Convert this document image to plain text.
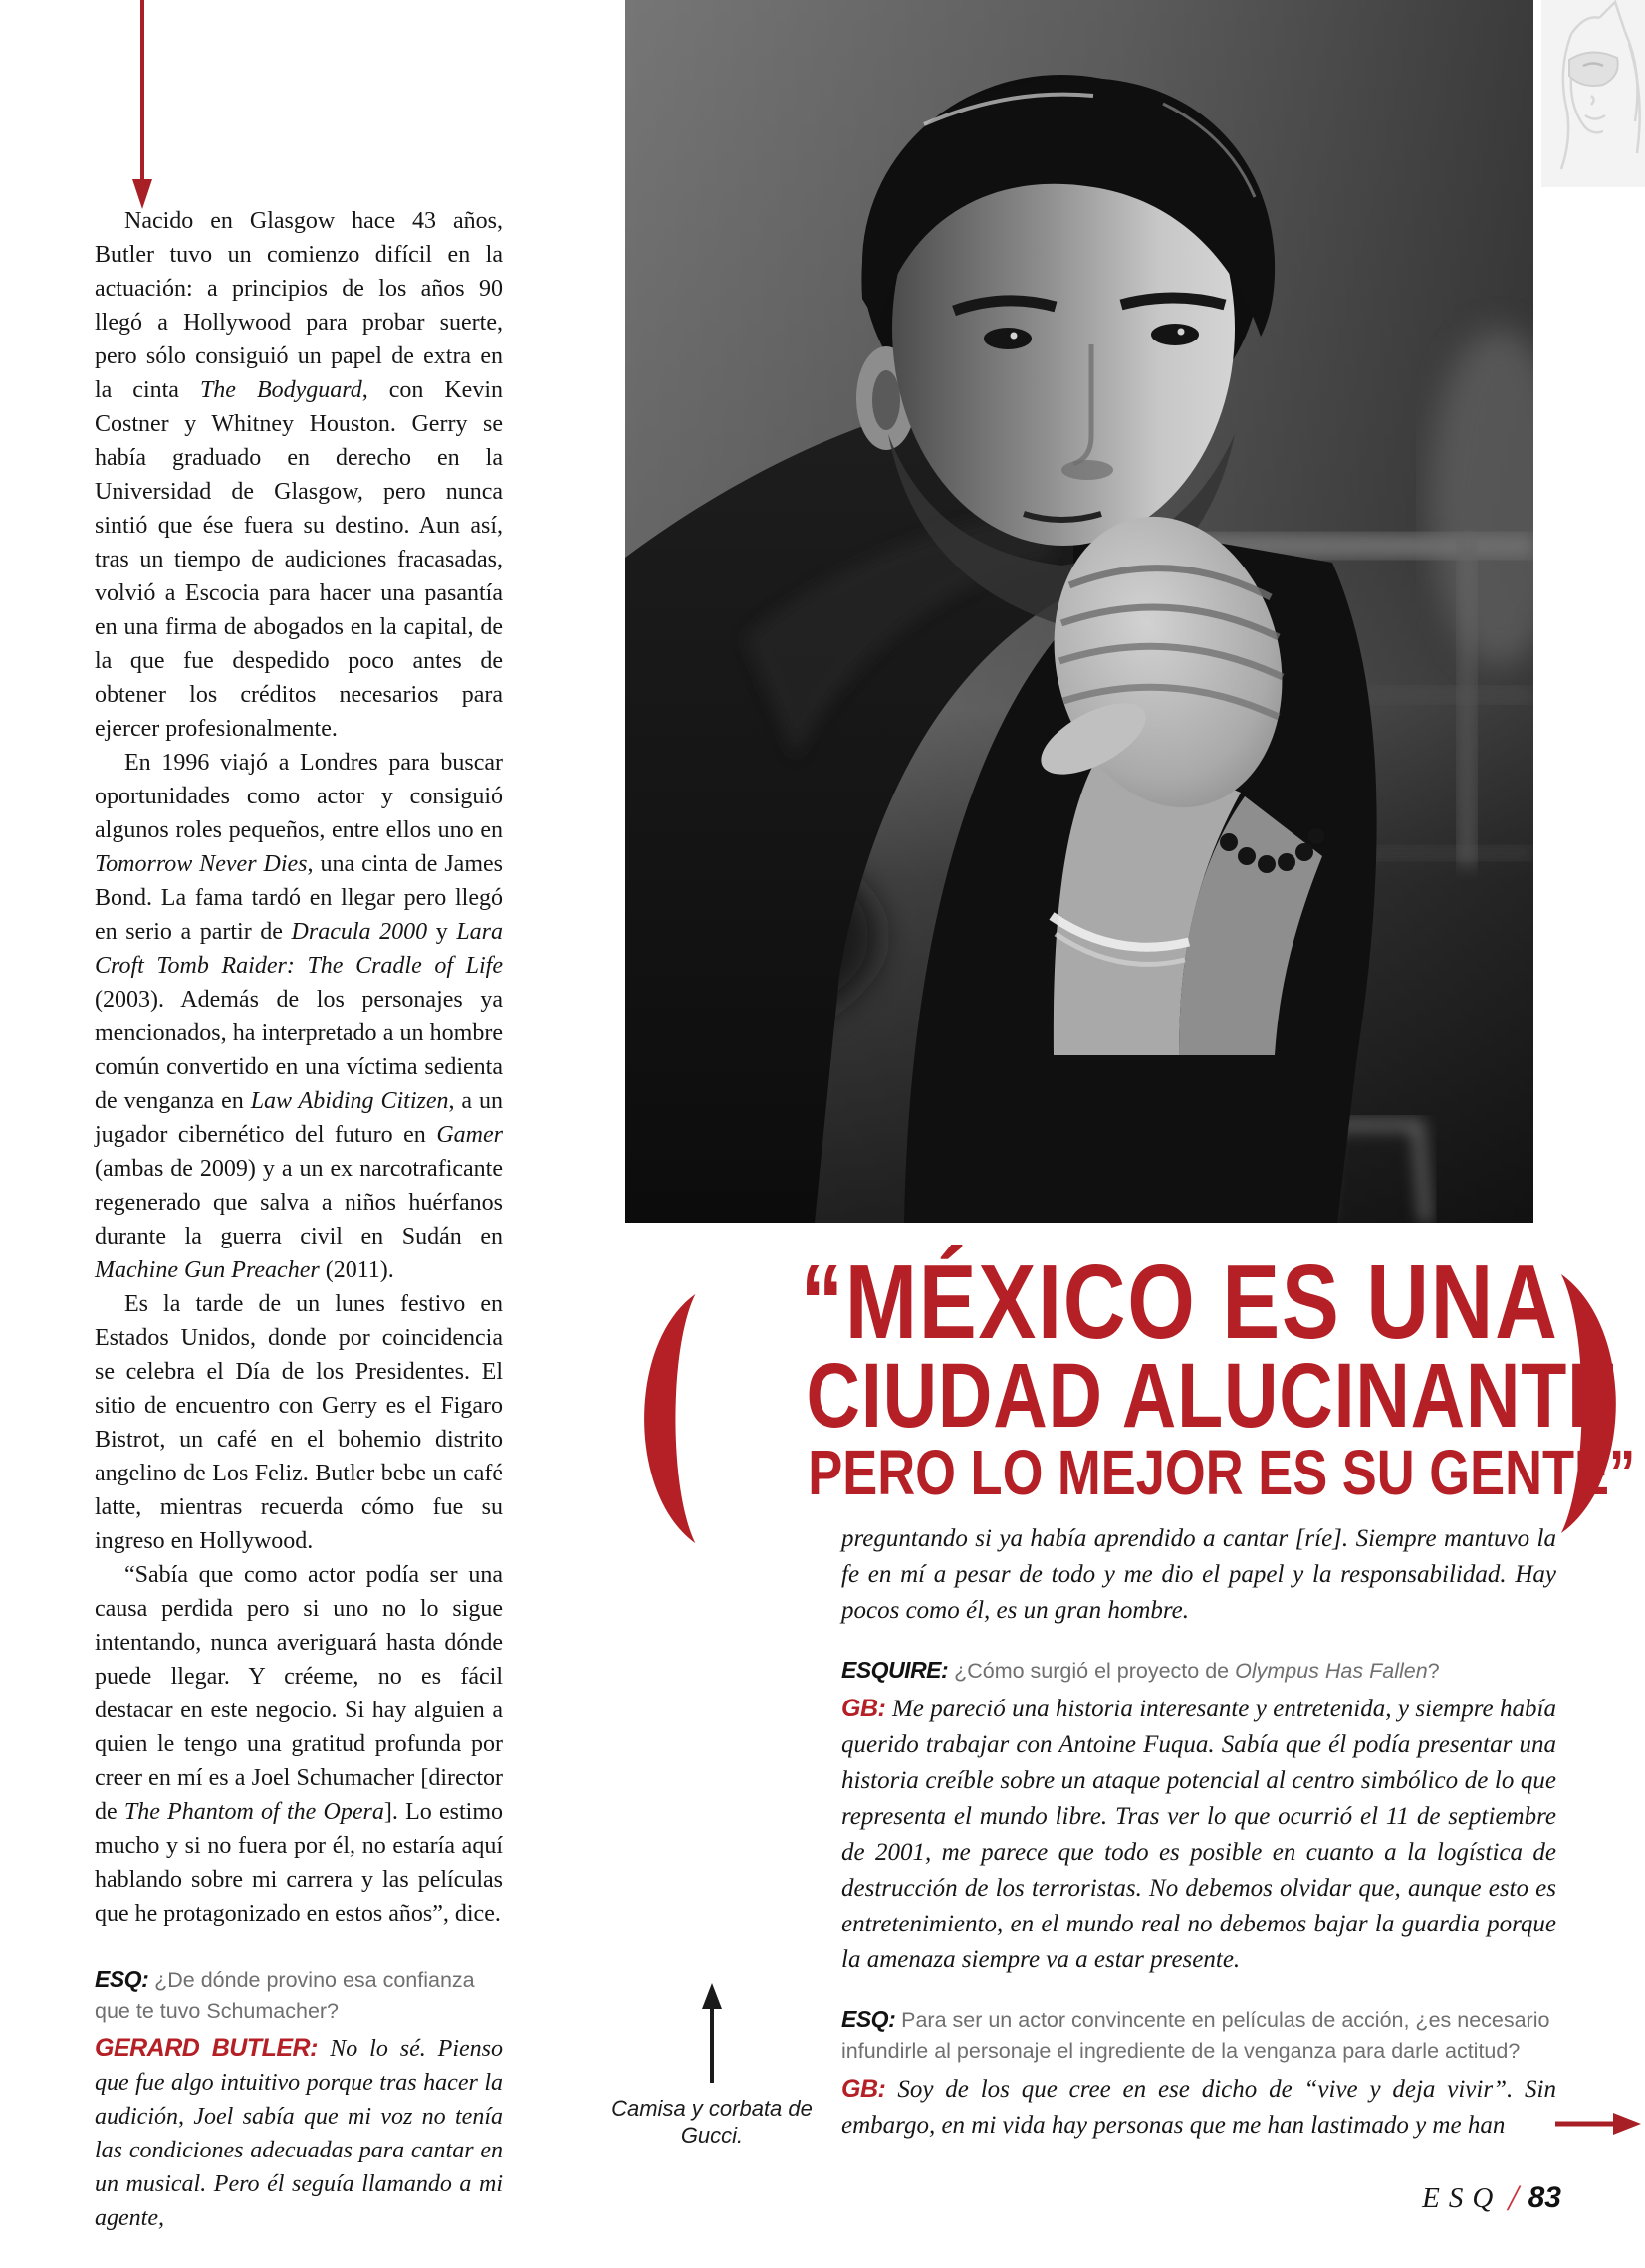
Nacido en Glasgow hace 43 años, Butler tuvo un comienzo difícil en la actuación: a principios de los años 90 llegó a Hollywood para probar suerte, pero sólo consiguió un papel de extra en la cinta The Bodyguard, con Kevin Costner y Whitney Houston. Gerry se había graduado en derecho en la Universidad de Glasgow, pero nunca sintió que ése fuera su destino. Aun así, tras un tiempo de audiciones fracasadas, volvió a Escocia para hacer una pasantía en una firma de abogados en la capital, de la que fue despedido poco antes de obtener los créditos necesarios para ejercer profesionalmente.

En 1996 viajó a Londres para buscar oportunidades como actor y consiguió algunos roles pequeños, entre ellos uno en Tomorrow Never Dies, una cinta de James Bond. La fama tardó en llegar pero llegó en serio a partir de Dracula 2000 y Lara Croft Tomb Raider: The Cradle of Life (2003). Además de los personajes ya mencionados, ha interpretado a un hombre común convertido en una víctima sedienta de venganza en Law Abiding Citizen, a un jugador cibernético del futuro en Gamer (ambas de 2009) y a un ex narcotraficante regenerado que salva a niños huérfanos durante la guerra civil en Sudán en Machine Gun Preacher (2011).

Es la tarde de un lunes festivo en Estados Unidos, donde por coincidencia se celebra el Día de los Presidentes. El sitio de encuentro con Gerry es el Figaro Bistrot, un café en el bohemio distrito angelino de Los Feliz. Butler bebe un café latte, mientras recuerda cómo fue su ingreso en Hollywood.

“Sabía que como actor podía ser una causa perdida pero si uno no lo sigue intentando, nunca averiguará hasta dónde puede llegar. Y créeme, no es fácil destacar en este negocio. Si hay alguien a quien le tengo una gratitud profunda por creer en mí es a Joel Schumacher [director de The Phantom of the Opera]. Lo estimo mucho y si no fuera por él, no estaría aquí hablando sobre mi carrera y las películas que he protagonizado en estos años”, dice.

ESQ: ¿De dónde provino esa confianza que te tuvo Schumacher?

GERARD BUTLER: No lo sé. Pienso que fue algo intuitivo porque tras hacer la audición, Joel sabía que mi voz no tenía las condiciones adecuadas para cantar en un musical. Pero él seguía llamando a mi agente,

“MÉXICO ES UNA
CIUDAD ALUCINANTE
PERO LO MEJOR ES SU GENTE”

preguntando si ya había aprendido a cantar [ríe]. Siempre mantuvo la fe en mí a pesar de todo y me dio el papel y la responsabilidad. Hay pocos como él, es un gran hombre.

ESQUIRE: ¿Cómo surgió el proyecto de Olympus Has Fallen?

GB: Me pareció una historia interesante y entretenida, y siempre había querido trabajar con Antoine Fuqua. Sabía que él podía presentar una historia creíble sobre un ataque potencial al centro simbólico de lo que representa el mundo libre. Tras ver lo que ocurrió el 11 de septiembre de 2001, me parece que todo es posible en cuanto a la logística de destrucción de los terroristas. No debemos olvidar que, aunque esto es entretenimiento, en el mundo real no debemos bajar la guardia porque la amenaza siempre va a estar presente.

ESQ: Para ser un actor convincente en películas de acción, ¿es necesario infundirle al personaje el ingrediente de la venganza para darle actitud?

GB: Soy de los que cree en ese dicho de “vive y deja vivir”. Sin embargo, en mi vida hay personas que me han lastimado y me han

Camisa y corbata de

Gucci.

ESQ / 83
